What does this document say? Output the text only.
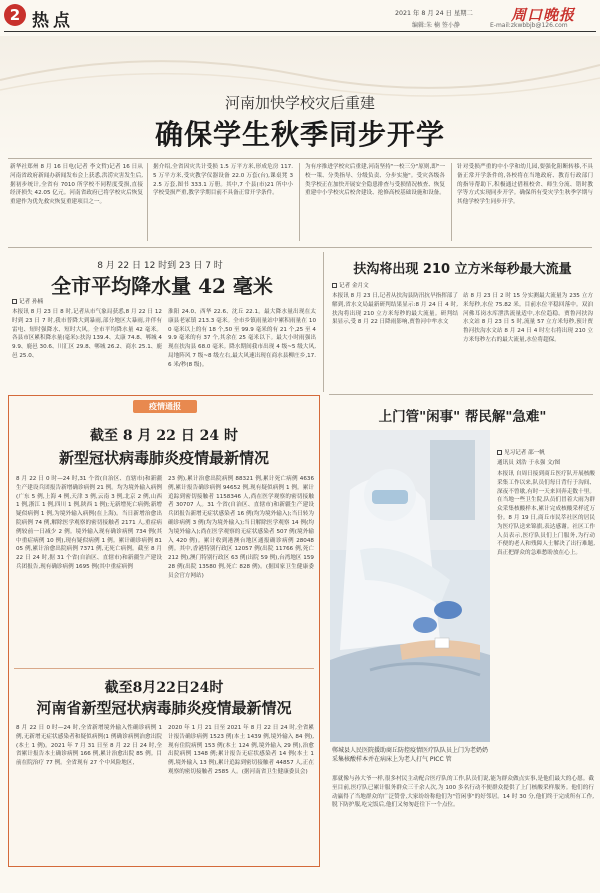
2 热点	2021 年 8 月 24 日 星期二
编辑:朱 楠 签小静
周口晚报
E-mail:zkwbbjb@126.com
河南加快学校灾后重建
确保学生秋季同步开学
新华社郑州 8 月 16 日电(记者 李文哲)记者 16 日从河南省政府新闻办新闻发布会上获悉,洪涝灾害发生后,据初步统计,全省有 7010 所学校不同程度受损,直接经济损失 42.05 亿元。河南省政府已将学校灾后恢复重建作为优先救灾恢复重建项目之一。
据介绍,全省因灾共计受损 1.5 万平方米,形成危房 117.5 万平方米,受灾教学仪器设备 22.0 万套(台),课桌凳 32.5 万套,图书 333.1 万册。其中,7 个县(市)21 所中小学校受损严重,教学学期目前不具备正常开学条件。
为有序推进学校灾后重建,河南坚持"一校三分"原则,即"一校一策、分类指导、分级负责、分步实施"。受灾各级各类学校正在加快开展安全隐患排查与受损情况核查、恢复重建中小学校灾后校舍建设、抢修高校基础设施和设备。
针对受损严重的中小学和幼儿园,要强化阻断转移,不具备正常开学条件的,各校将在当地政府、教育行政部门的指导帮助下,积极通过借租校舍、师生分流、错时教学等方式实现同步开学。确保所有受灾学生秋季学期与其他学校学生同步开学。
8 月 22 日 12 时到 23 日 7 时
全市平均降水量 42 毫米
记者 孙楠
本报讯 8 月 23 日 8 时,记者从市气象局获悉,8 月 22 日 12 时到 23 日 7 时,我市普降大到暴雨,部分地区大暴雨,并伴有雷电、短时强降水、短时大风。全市平均降水量 42 毫米。各县市区累积降水量(毫米):扶沟 139.4、太康 74.8、郸城 49.9、鹿邑 30.6、川汇区 29.8、郸城 26.2、商水 25.1、鹿邑 25.0、
淮阳 24.0、西华 22.6、沈丘 22.1。最大降水量出现在太康县老冢镇 213.3 毫米。全市乡镇雨量站中累积雨量在 100 毫米以上的有 18 个,50 至 99.9 毫米的有 21 个,25 至 49.9 毫米的有 37 个,其余在 25 毫米以下。最大小时雨强出现在扶沟县 68.0 毫米。降水期间我市出现 4 级~5 级大风,局地阵风 7 级~8 级左右,最大风速出现在商水县柳庄乡,17.6 米/秒(8 级)。
扶沟将出现 210 立方米每秒最大流量
记者 金月文
本报讯 8 月 23 日,记者从扶沟县防汛抗旱指挥部了解到,省水文局最新研判结果显示:8 月 24 日 4 时,扶沟将出现 210 立方米每秒的最大流量。研判结果显示,受 8 月 22 日降雨影响,贾鲁河中牟水文
站 8 月 23 日 2 时 15 分实测最大流量为 235 立方米每秒,水位 75.82 米。目前水位平稳回落中。双洎河佛耳岗水库泄洪流量适中,水位趋稳。贾鲁河扶沟水文站 8 月 23 日 5 时,流量 57 立方米每秒,预计贾鲁河扶沟水文站 8 月 24 日 4 时左右将出现 210 立方米每秒左右的最大流量,水位将超保。
上门管"闲事" 帮民解"急难"
郸城县人民医院援助商丘防控疫情医疗队队员上门为老奶奶采集核酸样本并在病床上为老人打气 PICC 管
见习记者 邵一帆
通讯员 刘浩 于永强 文/图
本报讯 自周日接到商丘医疗队开展核酸采集工作以来,队员们每日背行于沟间、深夜不曾歇,有时一天来回奔走数十里。在当地一些卫生院,队员们冒着大雨为群众采集核酸样本,累计完成核酸采样近万份。8 月 19 日,商丘市民萃社区的居民为医疗队送来锦旗,表达感谢。社区工作人员表示,医疗队员们上门服务,为行动不便的老人和残障人士解决了出行难题,真正把群众的急难愁盼放在心上。
那就像与孙大爷一样,很多村民主动配合医疗队的工作,队员们说,能为群众做点实事,是他们最大的心愿。截至目前,医疗队已累计服务群众三千余人次,为 100 多名行动不便群众提供了上门核酸采样服务。他们的行动赢得了当地群众的广泛赞誉,大家纷纷称他们为"管闲事"的好邻居。14 时 30 分,他们终于完成所有工作,脱下防护服,吃完饭后,他们又匆匆赶往下一个点位。
疫情通报
截至 8 月 22 日 24 时
新型冠状病毒肺炎疫情最新情况
8 月 22 日 0 时—24 时,31 个省(自治区、直辖市)和新疆生产建设兵团报告新增确诊病例 21 例。均为境外输入病例(广东 5 例,上海 4 例,天津 3 例,云南 3 例,北京 2 例,山西 1 例,浙江 1 例,四川 1 例,陕西 1 例);无新增死亡病例;新增疑似病例 1 例,为境外输入病例(在上海)。当日新增治愈出院病例 74 例,解除医学观察的密切接触者 2171 人,重症病例较前一日减少 2 例。境外输入现有确诊病例 734 例(其中重症病例 10 例),现有疑似病例 1 例。累计确诊病例 8105 例,累计治愈出院病例 7371 例,无死亡病例。截至 8 月 22 日 24 时,据 31 个省(自治区、直辖市)和新疆生产建设兵团报告,现有确诊病例 1695 例(其中重症病例
23 例),累计治愈出院病例 88321 例,累计死亡病例 4636 例,累计报告确诊病例 94652 例,现有疑似病例 1 例。累计追踪到密切接触者 1158346 人,尚在医学观察的密切接触者 30707 人。31 个省(自治区、直辖市)和新疆生产建设兵团报告新增无症状感染者 16 例(均为境外输入);当日转为确诊病例 3 例(均为境外输入);当日解除医学观察 14 例(均为境外输入);尚在医学观察的无症状感染者 507 例(境外输入 420 例)。累计收到港澳台地区通报确诊病例 28048 例。其中,香港特别行政区 12057 例(出院 11766 例,死亡 212 例),澳门特别行政区 63 例(出院 59 例),台湾地区 15928 例(出院 13580 例,死亡 828 例)。(据国家卫生健康委员会官方网站)
截至8月22日24时
河南省新型冠状病毒肺炎疫情最新情况
8 月 22 日 0 时—24 时,全省新增境外输入性确诊病例 1 例,无新增无症状感染者和疑似病例(1 例确诊病例治愈出院(本土 1 例)。2021 年 7 月 31 日至 8 月 22 日 24 时,全省累计报告本土确诊病例 166 例,累计治愈出院 85 例。目前在院治疗 77 例。全省现有 27 个中风险地区,
2020 年 1 月 21 日至 2021 年 8 月 22 日 24 时,全省累计报告确诊病例 1523 例(本土 1439 例,境外输入 84 例),现有住院病例 153 例(本土 124 例,境外输入 29 例),治愈出院病例 1348 例;累计报告无症状感染者 14 例(本土 1 例,境外输入 13 例),累计追踪到密切接触者 44857 人,正在观察的密切接触者 2585 人。(据河南省卫生健康委员会)
